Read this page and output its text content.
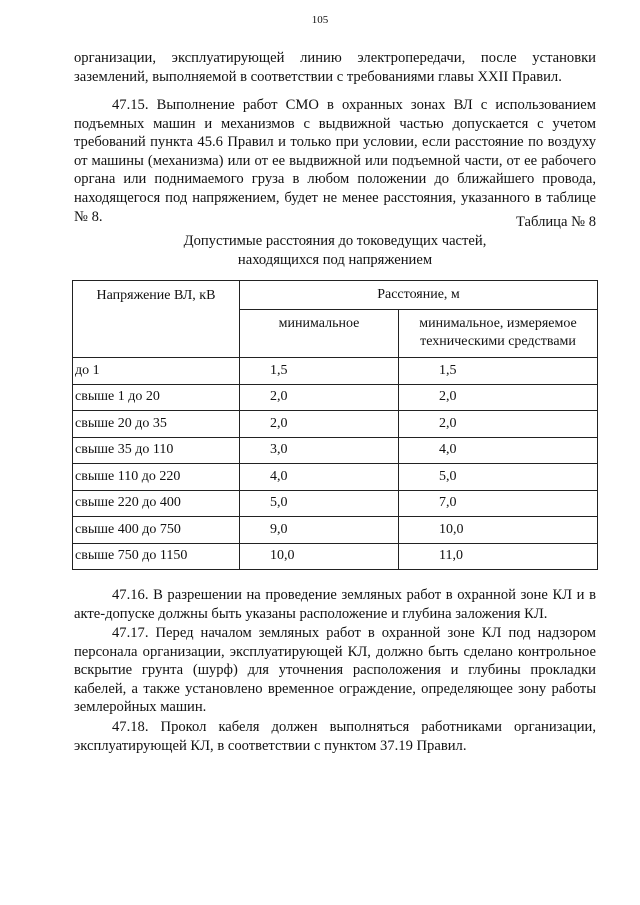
105

организации, эксплуатирующей линию электропередачи, после установки заземлений, выполняемой в соответствии с требованиями главы XXII Правил.

47.15. Выполнение работ СМО в охранных зонах ВЛ с использованием подъемных машин и механизмов с выдвижной частью допускается с учетом требований пункта 45.6 Правил и только при условии, если расстояние по воздуху от машины (механизма) или от ее выдвижной или подъемной части, от ее рабочего органа или поднимаемого груза в любом положении до ближайшего провода, находящегося под напряжением, будет не менее расстояния, указанного в таблице № 8.	Таблица № 8
Допустимые расстояния до токоведущих частей,
находящихся под напряжением
Напряжение ВЛ, кВ	Расстояние, м	
	минимальное	минимальное, измеряемое техническими средствами
до 1	1,5	1,5
свыше 1 до 20	2,0	2,0
свыше 20 до 35	2,0	2,0
свыше 35 до 110	3,0	4,0
свыше 110 до 220	4,0	5,0
свыше 220 до 400	5,0	7,0
свыше 400 до 750	9,0	10,0
свыше 750 до 1150	10,0	11,0

47.16. В разрешении на проведение земляных работ в охранной зоне КЛ и в акте-допуске должны быть указаны расположение и глубина заложения КЛ.

47.17. Перед началом земляных работ в охранной зоне КЛ под надзором персонала организации, эксплуатирующей КЛ, должно быть сделано контрольное вскрытие грунта (шурф) для уточнения расположения и глубины прокладки кабелей, а также установлено временное ограждение, определяющее зону работы землеройных машин.

47.18. Прокол кабеля должен выполняться работниками организации, эксплуатирующей КЛ, в соответствии с пунктом 37.19 Правил.
